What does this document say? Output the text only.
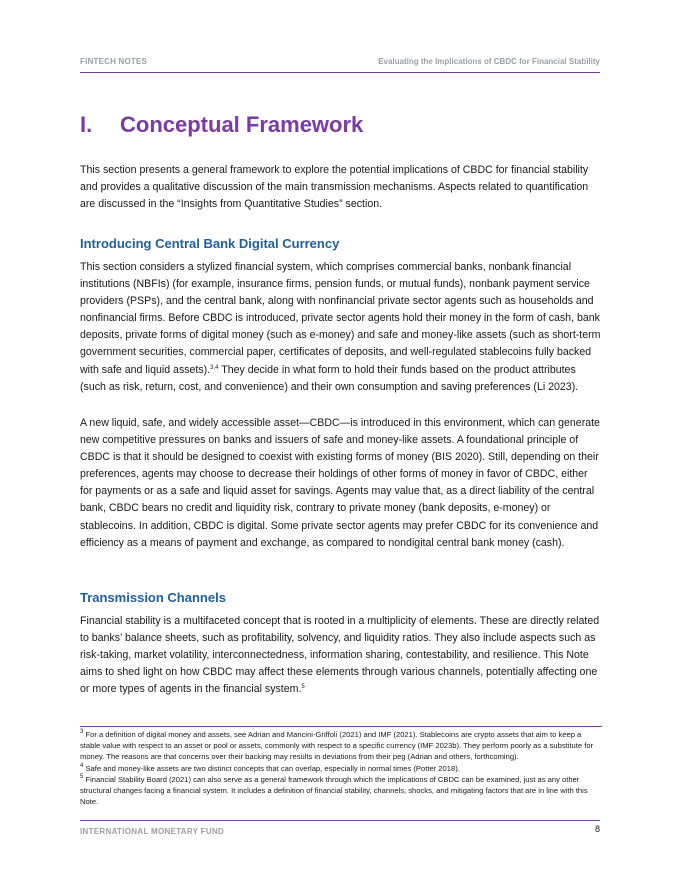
FINTECH NOTES	Evaluating the Implications of CBDC for Financial Stability
I. Conceptual Framework

This section presents a general framework to explore the potential implications of CBDC for financial stability and provides a qualitative discussion of the main transmission mechanisms. Aspects related to quantification are discussed in the “Insights from Quantitative Studies” section.

Introducing Central Bank Digital Currency

This section considers a stylized financial system, which comprises commercial banks, nonbank financial institutions (NBFIs) (for example, insurance firms, pension funds, or mutual funds), nonbank payment service providers (PSPs), and the central bank, along with nonfinancial private sector agents such as households and nonfinancial firms. Before CBDC is introduced, private sector agents hold their money in the form of cash, bank deposits, private forms of digital money (such as e-money) and safe and money-like assets (such as short-term government securities, commercial paper, certificates of deposits, and well-regulated stablecoins fully backed with safe and liquid assets).$^{3,4}$ They decide in what form to hold their funds based on the product attributes (such as risk, return, cost, and convenience) and their own consumption and saving preferences (Li 2023).

A new liquid, safe, and widely accessible asset—CBDC—is introduced in this environment, which can generate new competitive pressures on banks and issuers of safe and money-like assets. A foundational principle of CBDC is that it should be designed to coexist with existing forms of money (BIS 2020). Still, depending on their preferences, agents may choose to decrease their holdings of other forms of money in favor of CBDC, either for payments or as a safe and liquid asset for savings. Agents may value that, as a direct liability of the central bank, CBDC bears no credit and liquidity risk, contrary to private money (bank deposits, e-money) or stablecoins. In addition, CBDC is digital. Some private sector agents may prefer CBDC for its convenience and efficiency as a means of payment and exchange, as compared to nondigital central bank money (cash).

Transmission Channels

Financial stability is a multifaceted concept that is rooted in a multiplicity of elements. These are directly related to banks’ balance sheets, such as profitability, solvency, and liquidity ratios. They also include aspects such as risk-taking, market volatility, interconnectedness, information sharing, contestability, and resilience. This Note aims to shed light on how CBDC may affect these elements through various channels, potentially affecting one or more types of agents in the financial system.$^5$

$^3$ For a definition of digital money and assets, see Adrian and Mancini-Griffoli (2021) and IMF (2021). Stablecoins are crypto assets that aim to keep a stable value with respect to an asset or pool or assets, commonly with respect to a specific currency (IMF 2023b). They perform poorly as a substitute for money. The reasons are that concerns over their backing may results in deviations from their peg (Adrian and others, forthcoming).

$^4$ Safe and money-like assets are two distinct concepts that can overlap, especially in normal times (Potter 2018).

$^5$ Financial Stability Board (2021) can also serve as a general framework through which the implications of CBDC can be examined, just as any other structural changes facing a financial system. It includes a definition of financial stability, channels, shocks, and mitigating factors that are in line with this Note.

INTERNATIONAL MONETARY FUND	8
